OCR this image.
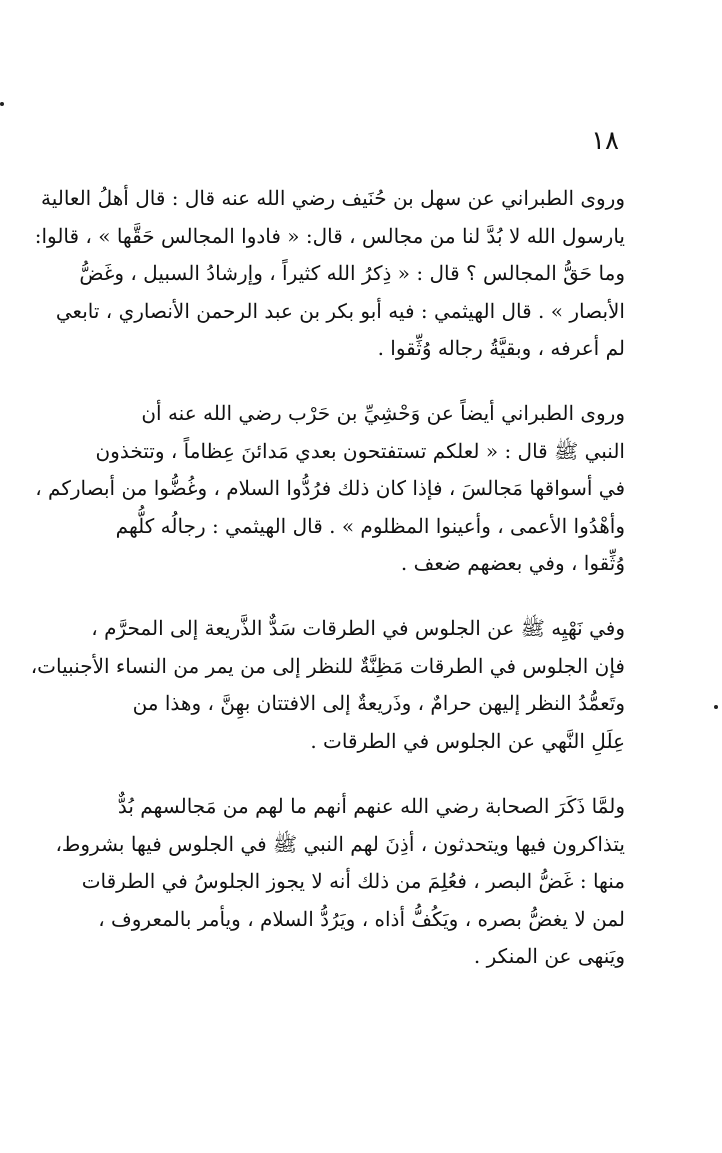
١٨
وروى الطبراني عن سهل بن حُنَيف رضي الله عنه قال : قال أهلُ العالية
يارسول الله لا بُدَّ لنا من مجالس ، قال: « فادوا المجالس حَقَّها » ، قالوا:
وما حَقُّ المجالس ؟ قال : « ذِكرُ الله كثيراً ، وإرشادُ السبيل ، وغَضُّ
الأبصار » . قال الهيثمي : فيه أبو بكر بن عبد الرحمن الأنصاري ، تابعي
لم أعرفه ، وبقيَّةُ رجاله وُثِّقوا .
وروى الطبراني أيضاً عن وَحْشِيِّ بن حَرْب رضي الله عنه أن
النبي ﷺ قال : « لعلكم تستفتحون بعدي مَدائنَ عِظاماً ، وتتخذون
في أسواقها مَجالسَ ، فإذا كان ذلك فرُدُّوا السلام ، وغُضُّوا من أبصاركم ،
وأهْدُوا الأعمى ، وأعينوا المظلوم » . قال الهيثمي : رجالُه كلُّهم
وُثِّقوا ، وفي بعضهم ضعف .
وفي نَهْيِه ﷺ عن الجلوس في الطرقات سَدٌّ الذَّريعة إلى المحرَّم ،
فإن الجلوس في الطرقات مَظِنَّةٌ للنظر إلى من يمر من النساء الأجنبيات،
وتَعمُّدُ النظر إليهن حرامٌ ، وذَريعةٌ إلى الافتتان بهِنَّ ، وهذا من
عِلَلِ النَّهي عن الجلوس في الطرقات .
ولمَّا ذَكَرَ الصحابة رضي الله عنهم أنهم ما لهم من مَجالسهم بُدٌّ
يتذاكرون فيها ويتحدثون ، أذِنَ لهم النبي ﷺ في الجلوس فيها بشروط،
منها : غَضُّ البصر ، فعُلِمَ من ذلك أنه لا يجوز الجلوسُ في الطرقات
لمن لا يغضُّ بصره ، ويَكُفُّ أذاه ، ويَرُدُّ السلام ، ويأمر بالمعروف ،
ويَنهى عن المنكر .
